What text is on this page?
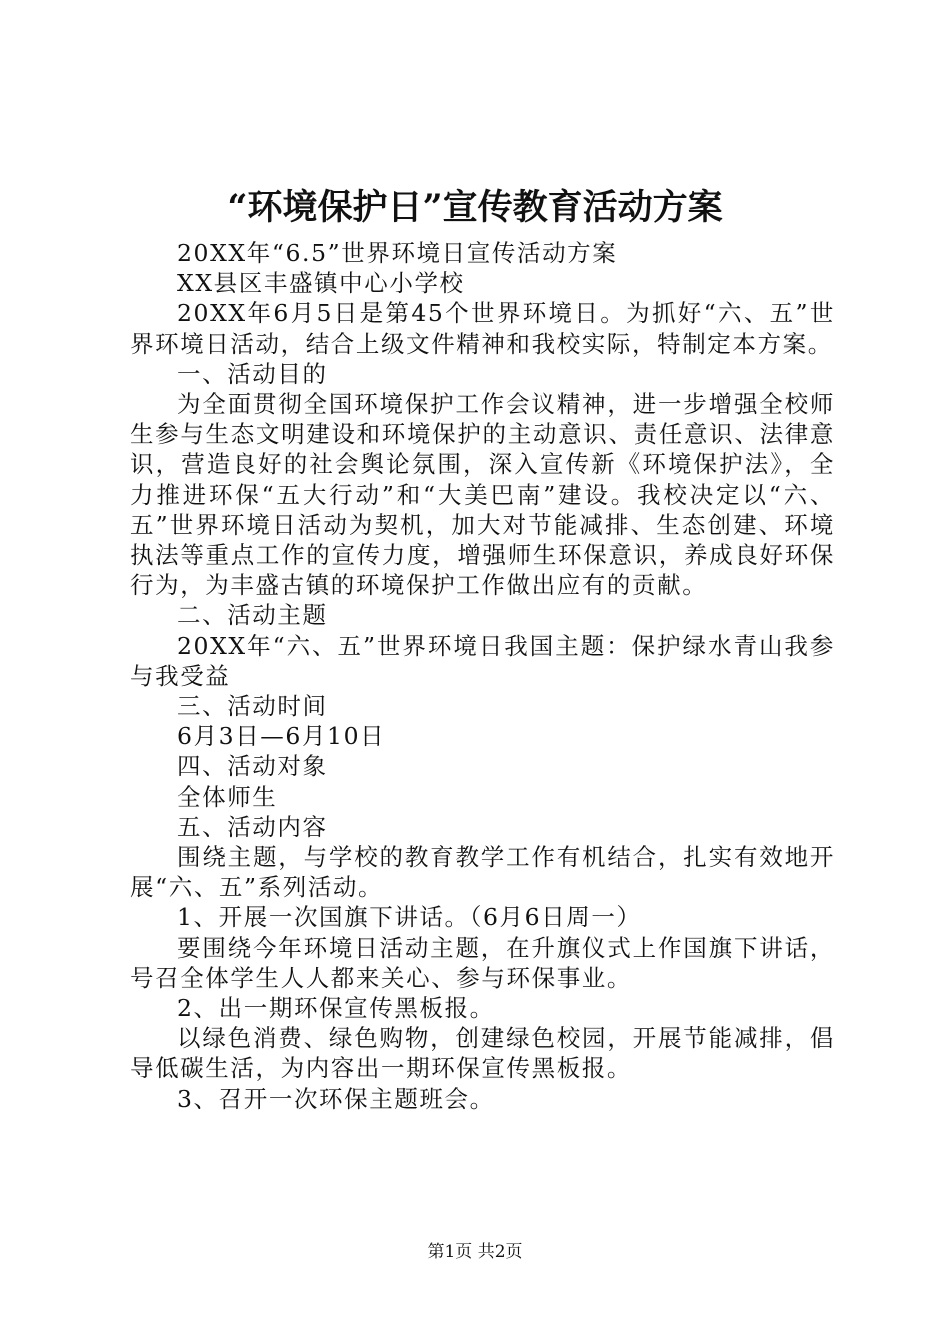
“环境保护日”宣传教育活动方案

20XX年“6.5”世界环境日宣传活动方案

XX县区丰盛镇中心小学校

20XX年6月5日是第45个世界环境日。为抓好“六、五”世界环境日活动，结合上级文件精神和我校实际，特制定本方案。

一、活动目的

为全面贯彻全国环境保护工作会议精神，进一步增强全校师生参与生态文明建设和环境保护的主动意识、责任意识、法律意识，营造良好的社会舆论氛围，深入宣传新《环境保护法》，全力推进环保“五大行动”和“大美巴南”建设。我校决定以“六、五”世界环境日活动为契机，加大对节能减排、生态创建、环境执法等重点工作的宣传力度，增强师生环保意识，养成良好环保行为，为丰盛古镇的环境保护工作做出应有的贡献。

二、活动主题

20XX年“六、五”世界环境日我国主题：保护绿水青山我参与我受益

三、活动时间

6月3日—6月10日

四、活动对象

全体师生

五、活动内容

围绕主题，与学校的教育教学工作有机结合，扎实有效地开展“六、五”系列活动。

1、开展一次国旗下讲话。（6月6日周一）

要围绕今年环境日活动主题，在升旗仪式上作国旗下讲话，号召全体学生人人都来关心、参与环保事业。

2、出一期环保宣传黑板报。

以绿色消费、绿色购物，创建绿色校园，开展节能减排，倡导低碳生活，为内容出一期环保宣传黑板报。

3、召开一次环保主题班会。

第1页 共2页
